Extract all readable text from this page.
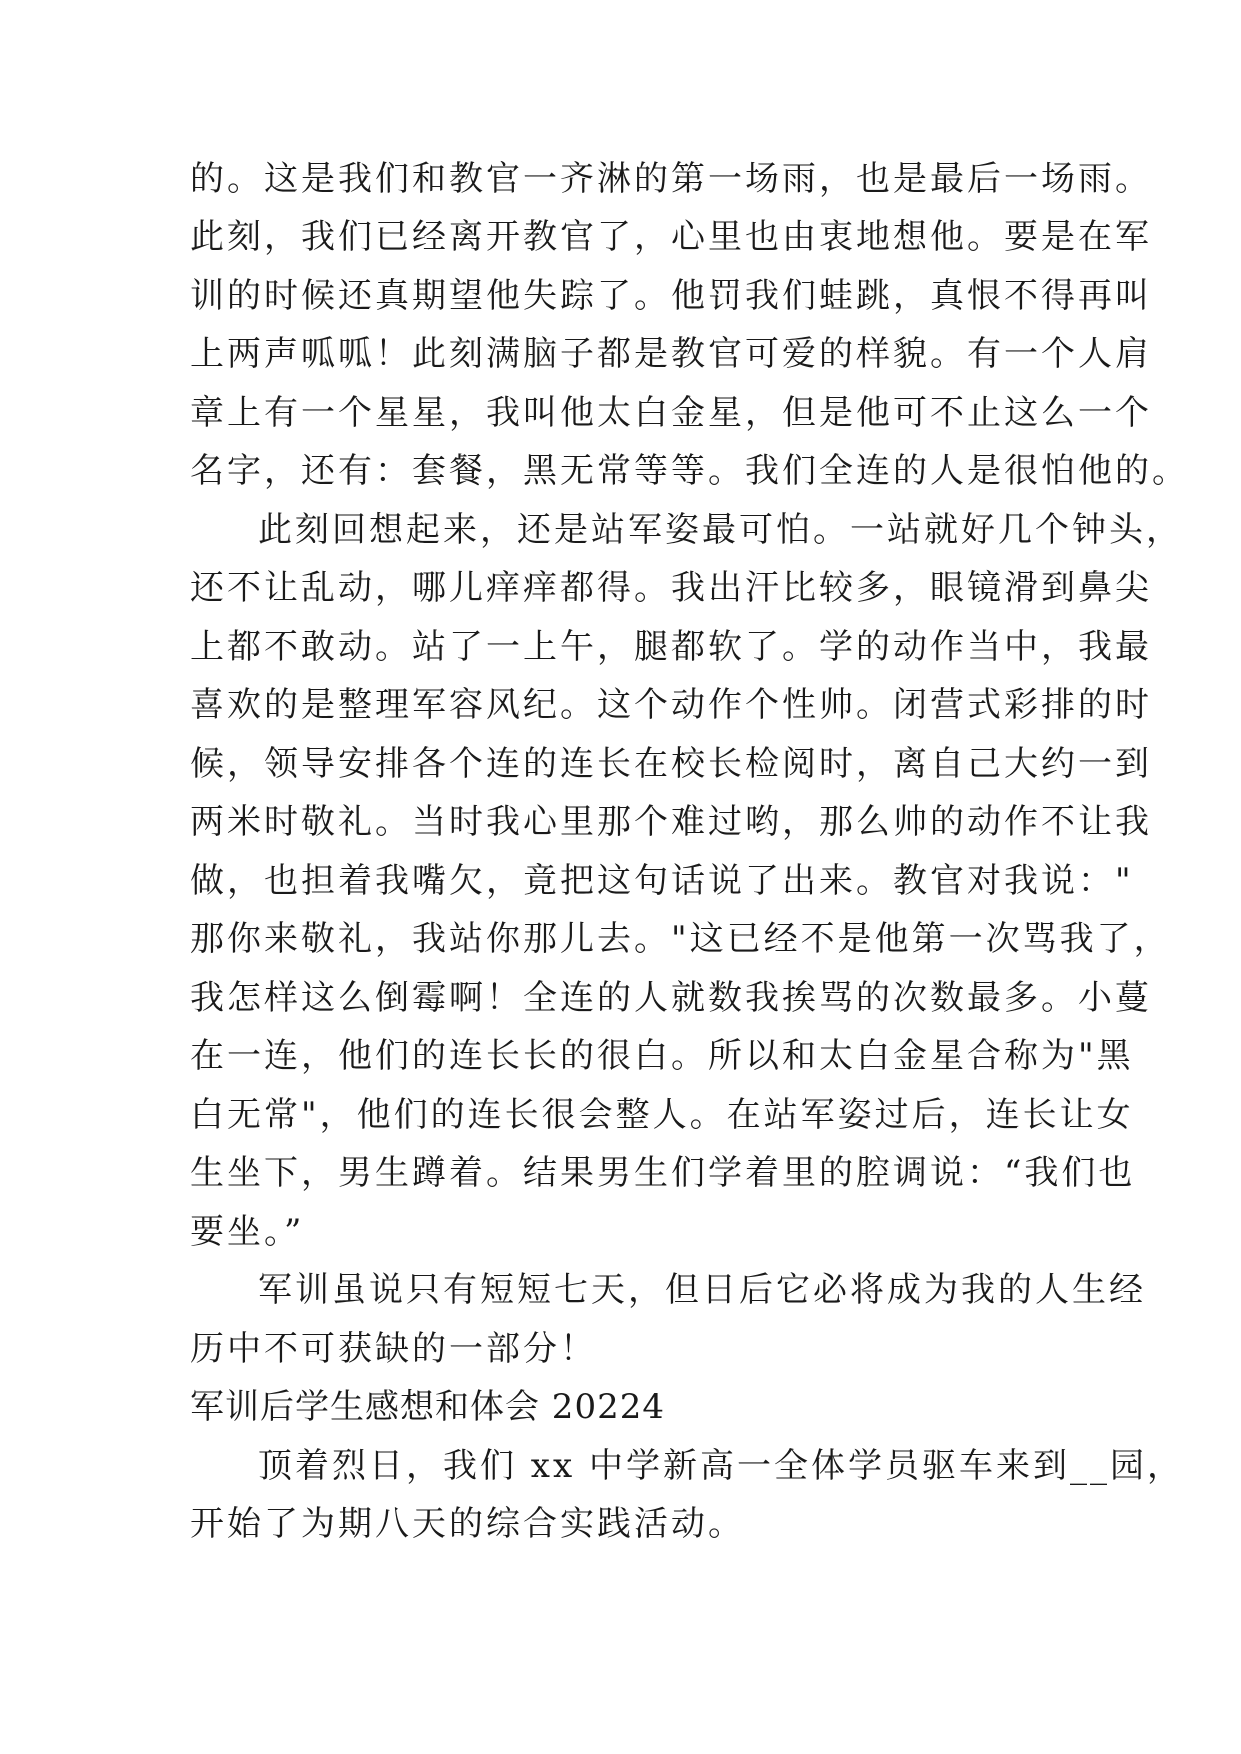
的。这是我们和教官一齐淋的第一场雨，也是最后一场雨。
此刻，我们已经离开教官了，心里也由衷地想他。要是在军
训的时候还真期望他失踪了。他罚我们蛙跳，真恨不得再叫
上两声呱呱！此刻满脑子都是教官可爱的样貌。有一个人肩
章上有一个星星，我叫他太白金星，但是他可不止这么一个
名字，还有：套餐，黑无常等等。我们全连的人是很怕他的。
此刻回想起来，还是站军姿最可怕。一站就好几个钟头，
还不让乱动，哪儿痒痒都得。我出汗比较多，眼镜滑到鼻尖
上都不敢动。站了一上午，腿都软了。学的动作当中，我最
喜欢的是整理军容风纪。这个动作个性帅。闭营式彩排的时
候，领导安排各个连的连长在校长检阅时，离自己大约一到
两米时敬礼。当时我心里那个难过哟，那么帅的动作不让我
做，也担着我嘴欠，竟把这句话说了出来。教官对我说："
那你来敬礼，我站你那儿去。"这已经不是他第一次骂我了，
我怎样这么倒霉啊！全连的人就数我挨骂的次数最多。小蔓
在一连，他们的连长长的很白。所以和太白金星合称为"黑
白无常"，他们的连长很会整人。在站军姿过后，连长让女
生坐下，男生蹲着。结果男生们学着里的腔调说：“我们也
要坐。”
军训虽说只有短短七天，但日后它必将成为我的人生经
历中不可获缺的一部分！
军训后学生感想和体会 20224
顶着烈日，我们 xx 中学新高一全体学员驱车来到__园，
开始了为期八天的综合实践活动。
